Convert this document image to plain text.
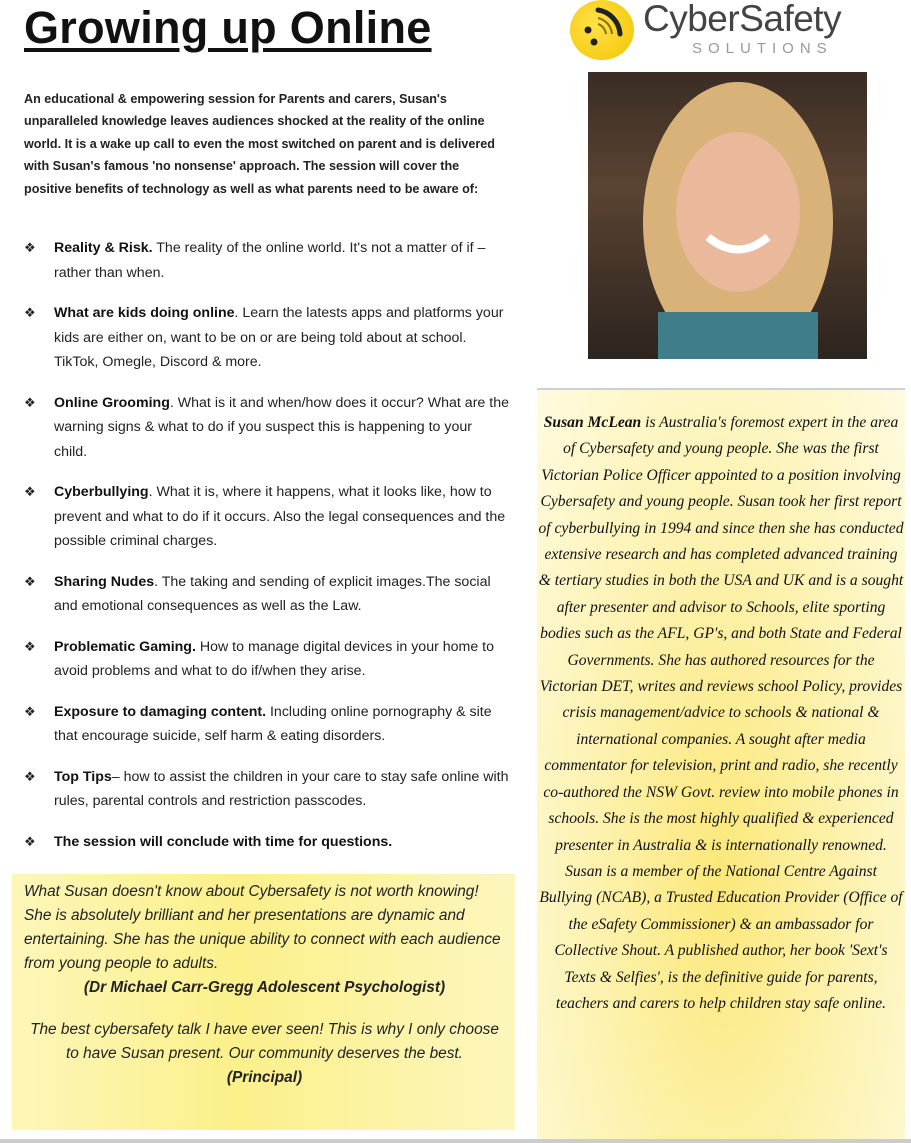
Growing up Online	CyberSafety
SOLUTIONS

An educational & empowering session for Parents and carers, Susan's unparalleled knowledge leaves audiences shocked at the reality of the online world. It is a wake up call to even the most switched on parent and is delivered with Susan's famous 'no nonsense' approach. The session will cover the positive benefits of technology as well as what parents need to be aware of:

❖ Reality & Risk. The reality of the online world. It's not a matter of if – rather than when.
❖ What are kids doing online. Learn the latests apps and platforms your kids are either on, want to be on or are being told about at school. TikTok, Omegle, Discord & more.
❖ Online Grooming. What is it and when/how does it occur? What are the warning signs & what to do if you suspect this is happening to your child.
❖ Cyberbullying. What it is, where it happens, what it looks like, how to prevent and what to do if it occurs. Also the legal consequences and the possible criminal charges.
❖ Sharing Nudes. The taking and sending of explicit images.The social and emotional consequences as well as the Law.
❖ Problematic Gaming. How to manage digital devices in your home to avoid problems and what to do if/when they arise.
❖ Exposure to damaging content. Including online pornography & site that encourage suicide, self harm & eating disorders.
❖ Top Tips– how to assist the children in your care to stay safe online with rules, parental controls and restriction passcodes.
❖ The session will conclude with time for questions.

What Susan doesn't know about Cybersafety is not worth knowing! She is absolutely brilliant and her presentations are dynamic and entertaining. She has the unique ability to connect with each audience from young people to adults.

(Dr Michael Carr-Gregg Adolescent Psychologist)

The best cybersafety talk I have ever seen! This is why I only choose to have Susan present. Our community deserves the best.

(Principal)

Susan McLean is Australia's foremost expert in the area of Cybersafety and young people. She was the first Victorian Police Officer appointed to a position involving Cybersafety and young people. Susan took her first report of cyberbullying in 1994 and since then she has conducted extensive research and has completed advanced training & tertiary studies in both the USA and UK and is a sought after presenter and advisor to Schools, elite sporting bodies such as the AFL, GP's, and both State and Federal Governments. She has authored resources for the Victorian DET, writes and reviews school Policy, provides crisis management/advice to schools & national & international companies. A sought after media commentator for television, print and radio, she recently co-authored the NSW Govt. review into mobile phones in schools. She is the most highly qualified & experienced presenter in Australia & is internationally renowned. Susan is a member of the National Centre Against Bullying (NCAB), a Trusted Education Provider (Office of the eSafety Commissioner) & an ambassador for Collective Shout. A published author, her book 'Sext's Texts & Selfies', is the definitive guide for parents, teachers and carers to help children stay safe online.
